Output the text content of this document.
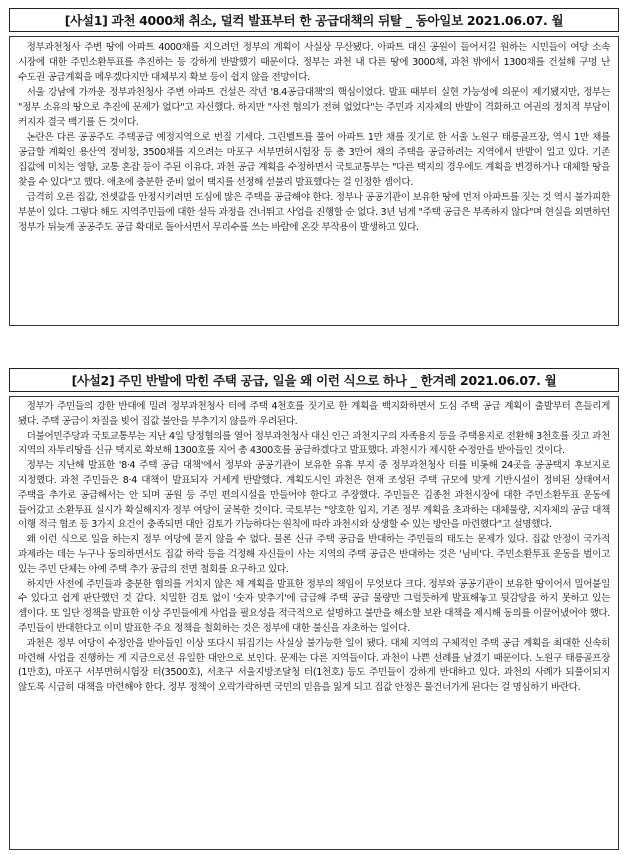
[사설1] 과천 4000채 취소, 덜컥 발표부터 한 공급대책의 뒤탈 _ 동아일보 2021.06.07. 월

정부과천청사 주변 땅에 아파트 4000채를 지으려던 정부의 계획이 사실상 무산됐다. 아파트 대신 공원이 들어서길 원하는 시민들이 여당 소속 시장에 대한 주민소환투표를 추진하는 등 강하게 반발했기 때문이다. 정부는 과천 내 다른 땅에 3000채, 과천 밖에서 1300채를 건설해 구멍 난 수도권 공급계획을 메우겠다지만 대체부지 확보 등이 쉽지 않을 전망이다.

서울 강남에 가까운 정부과천청사 주변 아파트 건설은 작년 '8.4공급대책'의 핵심이었다. 발표 때부터 실현 가능성에 의문이 제기됐지만, 정부는 "정부 소유의 땅으로 추진에 문제가 없다"고 자신했다. 하지만 "사전 협의가 전혀 없었다"는 주민과 지자체의 반발이 격화하고 여권의 정치적 부담이 커지자 결국 백기를 든 것이다.

논란은 다른 공공주도 주택공급 예정지역으로 번질 기세다. 그린벨트를 풀어 아파트 1만 채를 짓기로 한 서울 노원구 태릉골프장, 역시 1만 채를 공급할 계획인 용산역 정비창, 3500채를 지으려는 마포구 서부면허시험장 등 총 3만여 채의 주택을 공급하려는 지역에서 반발이 일고 있다. 기존 집값에 미치는 영향, 교통 혼잡 등이 주된 이유다. 과천 공급 계획을 수정하면서 국토교통부는 "다른 택지의 경우에도 계획을 변경하거나 대체할 땅을 찾을 수 있다"고 했다. 애초에 충분한 준비 없이 택지를 선정해 섣불리 발표했다는 걸 인정한 셈이다.

급격히 오른 집값, 전셋값을 안정시키려면 도심에 많은 주택을 공급해야 한다. 정부나 공공기관이 보유한 땅에 먼저 아파트를 짓는 것 역시 불가피한 부분이 있다. 그렇다 해도 지역주민들에 대한 설득 과정을 건너뛰고 사업을 진행할 순 없다. 3년 넘게 "주택 공급은 부족하지 않다"며 현실을 외면하던 정부가 뒤늦게 공공주도 공급 확대로 돌아서면서 무리수를 쓰는 바람에 온갖 부작용이 발생하고 있다.

[사설2] 주민 반발에 막힌 주택 공급, 일을 왜 이런 식으로 하나 _ 한겨레 2021.06.07. 월

정부가 주민들의 강한 반대에 밀려 정부과천청사 터에 주택 4천호를 짓기로 한 계획을 백지화하면서 도심 주택 공급 계획이 출발부터 흔들리게 됐다. 주택 공급이 차질을 빚어 집값 불안을 부추기지 않을까 우려된다.

더불어민주당과 국토교통부는 지난 4일 당정협의를 열어 정부과천청사 대신 인근 과천지구의 자족용지 등을 주택용지로 전환해 3천호를 짓고 과천 지역의 자투리땅을 신규 택지로 확보해 1300호를 지어 총 4300호를 공급하겠다고 발표했다. 과천시가 제시한 수정안을 받아들인 것이다.

정부는 지난해 발표한 '8·4 주택 공급 대책'에서 정부와 공공기관이 보유한 유휴 부지 중 정부과천청사 터를 비롯해 24곳을 공공택지 후보지로 지정했다. 과천 주민들은 8·4 대책이 발표되자 거세게 반발했다. 계획도시인 과천은 현재 조성된 주택 규모에 맞게 기반시설이 정비된 상태여서 주택을 추가로 공급해서는 안 되며 공원 등 주민 편의시설을 만들어야 한다고 주장했다. 주민들은 김종천 과천시장에 대한 주민소환투표 운동에 들어갔고 소환투표 실시가 확실해지자 정부 여당이 굴복한 것이다. 국토부는 "양호한 입지, 기존 정부 계획을 초과하는 대체물량, 지자체의 공급 대책 이행 적극 협조 등 3가지 요건이 충족되면 대안 검토가 가능하다는 원칙에 따라 과천시와 상생할 수 있는 방안을 마련했다"고 설명했다.

왜 이런 식으로 일을 하는지 정부 여당에 묻지 않을 수 없다. 물론 신규 주택 공급을 반대하는 주민들의 태도는 문제가 있다. 집값 안정이 국가적 과제라는 데는 누구나 동의하면서도 집값 하락 등을 걱정해 자신들이 사는 지역의 주택 공급은 반대하는 것은 '님비'다. 주민소환투표 운동을 벌이고 있는 주민 단체는 아예 주택 추가 공급의 전면 철회를 요구하고 있다.

하지만 사전에 주민들과 충분한 협의를 거치지 않은 채 계획을 발표한 정부의 책임이 무엇보다 크다. 정부와 공공기관이 보유한 땅이어서 밀어붙일 수 있다고 쉽게 판단했던 것 같다. 치밀한 검토 없이 '숫자 맞추기'에 급급해 주택 공급 물량만 그럴듯하게 발표해놓고 뒷감당을 하지 못하고 있는 셈이다. 또 일단 정책을 발표한 이상 주민들에게 사업을 필요성을 적극적으로 설명하고 불만을 해소할 보완 대책을 제시해 동의를 이끌어냈어야 했다. 주민들이 반대한다고 이미 발표한 주요 정책을 철회하는 것은 정부에 대한 불신을 자초하는 일이다.

과천은 정부 여당이 수정안을 받아들인 이상 또다시 뒤집기는 사실상 불가능한 일이 됐다. 대체 지역의 구체적인 주택 공급 계획을 최대한 신속히 마련해 사업을 진행하는 게 지금으로선 유일한 대안으로 보인다. 문제는 다른 지역들이다. 과천이 나쁜 선례를 남겼기 때문이다. 노원구 태릉골프장(1만호), 마포구 서부면허시험장 터(3500호), 서초구 서울지방조달청 터(1천호) 등도 주민들이 강하게 반대하고 있다. 과천의 사례가 되풀이되지 않도록 시급히 대책을 마련해야 한다. 정부 정책이 오락가락하면 국민의 믿음을 잃게 되고 집값 안정은 물건너가게 된다는 걸 명심하기 바란다.
